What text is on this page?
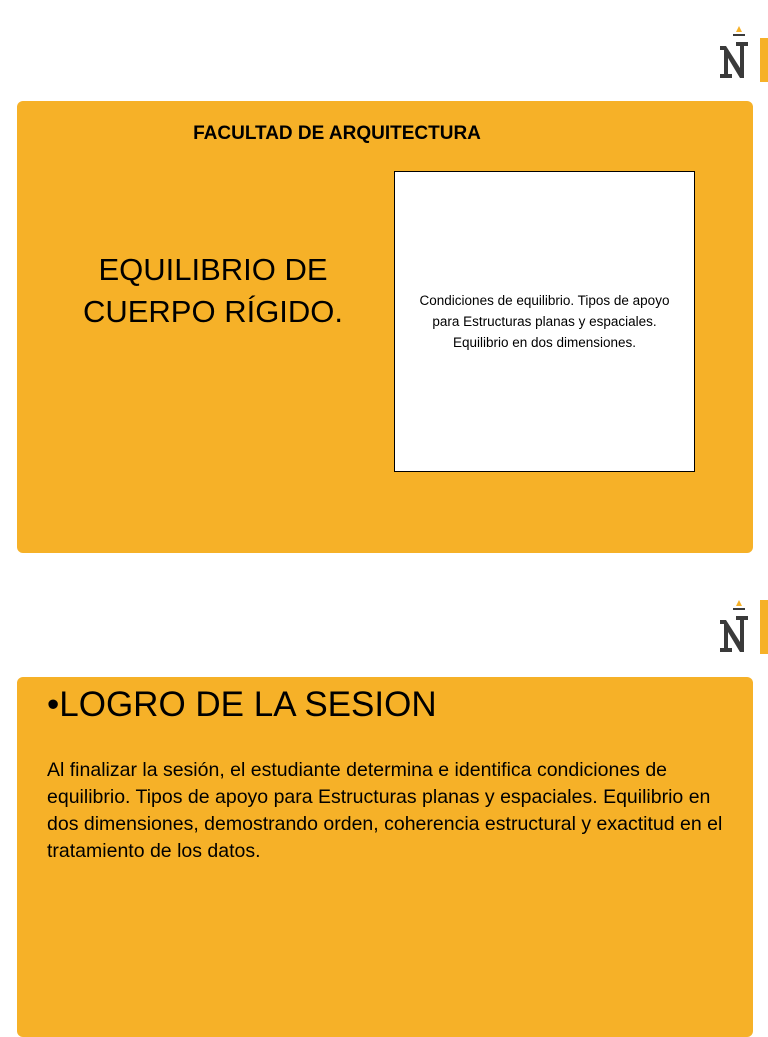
FACULTAD DE ARQUITECTURA
EQUILIBRIO DE
CUERPO RÍGIDO.	Condiciones de equilibrio. Tipos de apoyo para Estructuras planas y espaciales. Equilibrio en dos dimensiones.
•LOGRO DE LA SESION
Al finalizar la sesión, el estudiante determina e identifica condiciones de equilibrio. Tipos de apoyo para Estructuras planas y espaciales. Equilibrio en dos dimensiones, demostrando orden, coherencia estructural y exactitud en el tratamiento de los datos.
